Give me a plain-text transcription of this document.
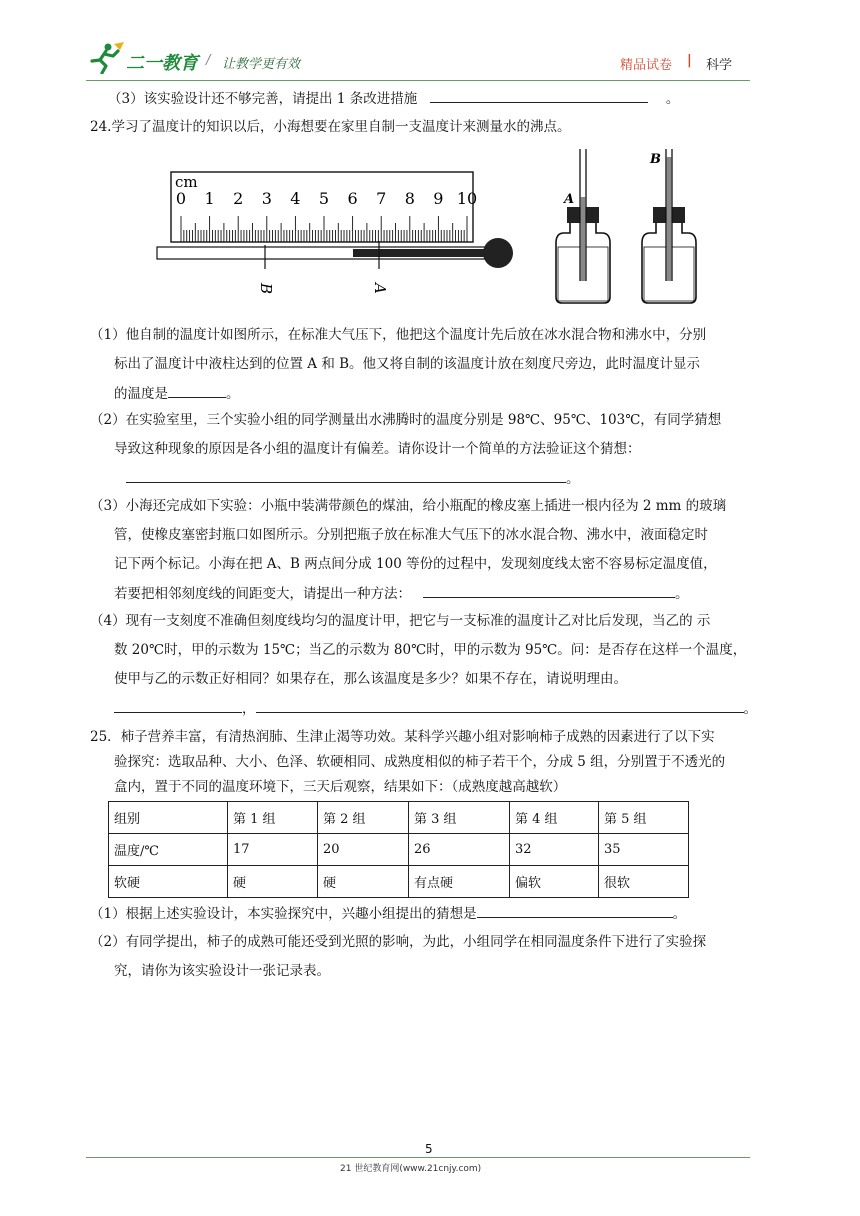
二一教育 / 让教学更有效	精品试卷 | 科学
（3）该实验设计还不够完善，请提出 1 条改进措施	。
24.学习了温度计的知识以后，小海想要在家里自制一支温度计来测量水的沸点。
0 1 2 3 4 5 6 7 8 9 10
cm
B	A
A
B
（1）他自制的温度计如图所示，在标准大气压下，他把这个温度计先后放在冰水混合物和沸水中，分别
标出了温度计中液柱达到的位置 A 和 B。他又将自制的该温度计放在刻度尺旁边，此时温度计显示
的温度是	。
（2）在实验室里，三个实验小组的同学测量出水沸腾时的温度分别是 98℃、95℃、103℃，有同学猜想
导致这种现象的原因是各小组的温度计有偏差。请你设计一个简单的方法验证这个猜想：
。
（3）小海还完成如下实验：小瓶中装满带颜色的煤油，给小瓶配的橡皮塞上插进一根内径为 2 mm 的玻璃
管，使橡皮塞密封瓶口如图所示。分别把瓶子放在标准大气压下的冰水混合物、沸水中，液面稳定时
记下两个标记。小海在把 A、B 两点间分成 100 等份的过程中，发现刻度线太密不容易标定温度值，
若要把相邻刻度线的间距变大，请提出一种方法：	。
（4）现有一支刻度不准确但刻度线均匀的温度计甲，把它与一支标准的温度计乙对比后发现，当乙的 示
数 20℃时，甲的示数为 15℃；当乙的示数为 80℃时，甲的示数为 95℃。问：是否存在这样一个温度，
使甲与乙的示数正好相同？如果存在，那么该温度是多少？如果不存在，请说明理由。
，	。
25．柿子营养丰富，有清热润肺、生津止渴等功效。某科学兴趣小组对影响柿子成熟的因素进行了以下实
验探究：选取品种、大小、色泽、软硬相同、成熟度相似的柿子若干个，分成 5 组，分别置于不透光的
盒内，置于不同的温度环境下，三天后观察，结果如下：（成熟度越高越软）
组别	第 1 组	第 2 组	第 3 组	第 4 组	第 5 组
温度/℃	17	20	26	32	35
软硬	硬	硬	有点硬	偏软	很软
（1）根据上述实验设计，本实验探究中，兴趣小组提出的猜想是	。
（2）有同学提出，柿子的成熟可能还受到光照的影响，为此，小组同学在相同温度条件下进行了实验探
究，请你为该实验设计一张记录表。
5
21 世纪教育网(www.21cnjy.com)
